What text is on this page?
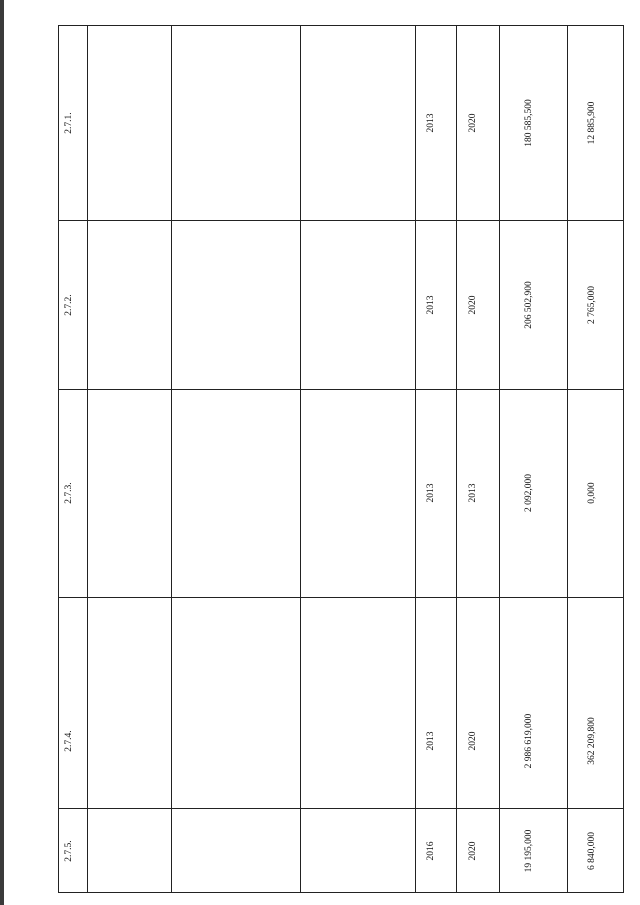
2.7.1.	2013	2020	180 585,500	12 885,900
2.7.2.	2013	2020	206 502,900	2 765,000
2.7.3.	2013	2013	2 092,000	0,000
2.7.4.	2013	2020	2 986 619,000	362 209,800
2.7.5.	2016	2020	19 195,000	6 840,000
